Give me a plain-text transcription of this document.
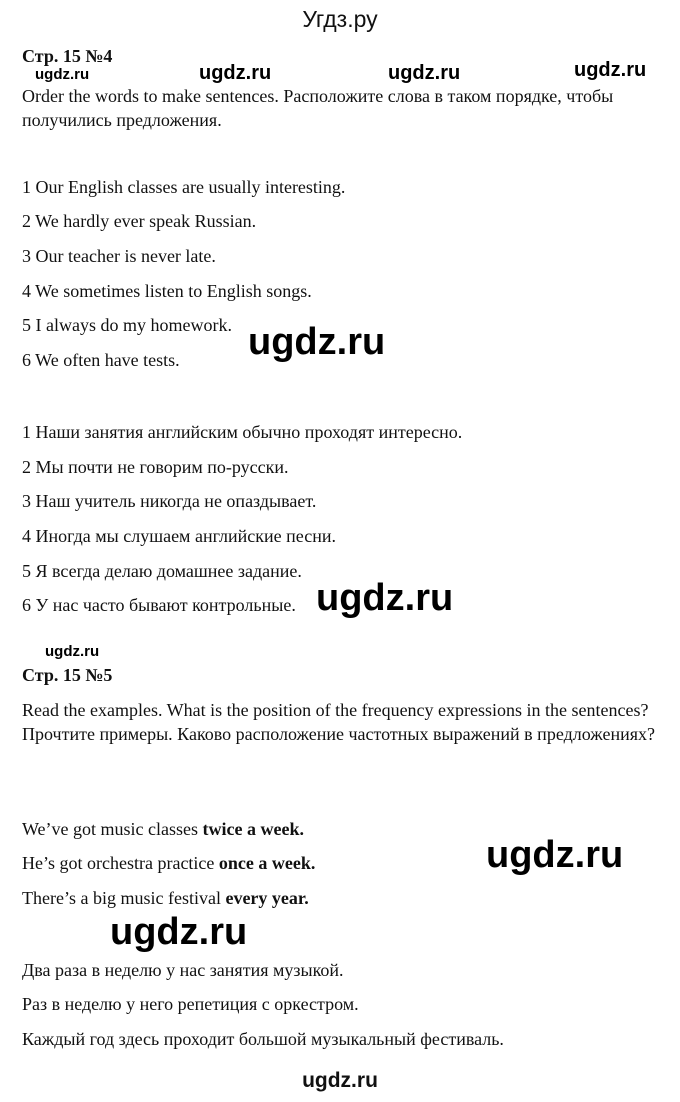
Угдз.ру
Стр. 15 №4
ugdz.ru	ugdz.ru	ugdz.ru	ugdz.ru
Order the words to make sentences. Расположите слова в таком порядке, чтобы получились предложения.
1 Our English classes are usually interesting.
2 We hardly ever speak Russian.
3 Our teacher is never late.
4 We sometimes listen to English songs.
5 I always do my homework.
6 We often have tests. ugdz.ru
1 Наши занятия английским обычно проходят интересно.
2 Мы почти не говорим по-русски.
3 Наш учитель никогда не опаздывает.
4 Иногда мы слушаем английские песни.
5 Я всегда делаю домашнее задание.
6 У нас часто бывают контрольные. ugdz.ru
ugdz.ru
Стр. 15 №5
Read the examples. What is the position of the frequency expressions in the sentences? Прочтите примеры. Каково расположение частотных выражений в предложениях?
We’ve got music classes twice a week.
He’s got orchestra practice once a week.
There’s a big music festival every year.
ugdz.ru
ugdz.ru
Два раза в неделю у нас занятия музыкой.
Раз в неделю у него репетиция с оркестром.
Каждый год здесь проходит большой музыкальный фестиваль.
ugdz.ru
